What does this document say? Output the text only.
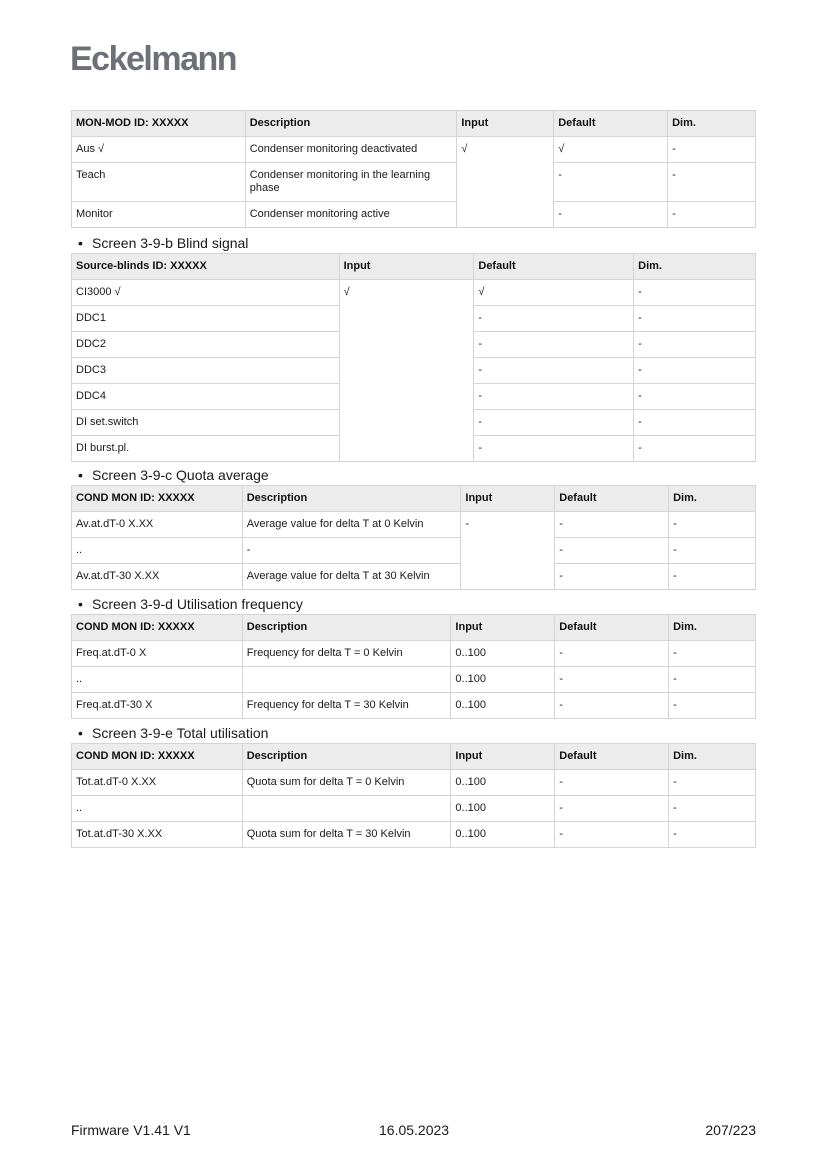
Eckelmann
MON-MOD ID: XXXXX	Description	Input	Default	Dim.
Aus √	Condenser monitoring deactivated	√	√	-
Teach	Condenser monitoring in the learning phase		-	-
Monitor	Condenser monitoring active		-	-
• Screen 3-9-b Blind signal
Source-blinds ID: XXXXX	Input	Default	Dim.
CI3000 √	√	√	-
DDC1		-	-
DDC2		-	-
DDC3		-	-
DDC4		-	-
DI set.switch		-	-
DI burst.pl.		-	-
• Screen 3-9-c Quota average
COND MON ID: XXXXX	Description	Input	Default	Dim.
Av.at.dT-0 X.XX	Average value for delta T at 0 Kelvin	-	-	-
..	-		-	-
Av.at.dT-30 X.XX	Average value for delta T at 30 Kelvin		-	-
• Screen 3-9-d Utilisation frequency
COND MON ID: XXXXX	Description	Input	Default	Dim.
Freq.at.dT-0 X	Frequency for delta T = 0 Kelvin	0..100	-	-
..		0..100	-	-
Freq.at.dT-30 X	Frequency for delta T = 30 Kelvin	0..100	-	-
• Screen 3-9-e Total utilisation
COND MON ID: XXXXX	Description	Input	Default	Dim.
Tot.at.dT-0 X.XX	Quota sum for delta T = 0 Kelvin	0..100	-	-
..		0..100	-	-
Tot.at.dT-30 X.XX	Quota sum for delta T = 30 Kelvin	0..100	-	-
Firmware V1.41 V1	16.05.2023	207/223
